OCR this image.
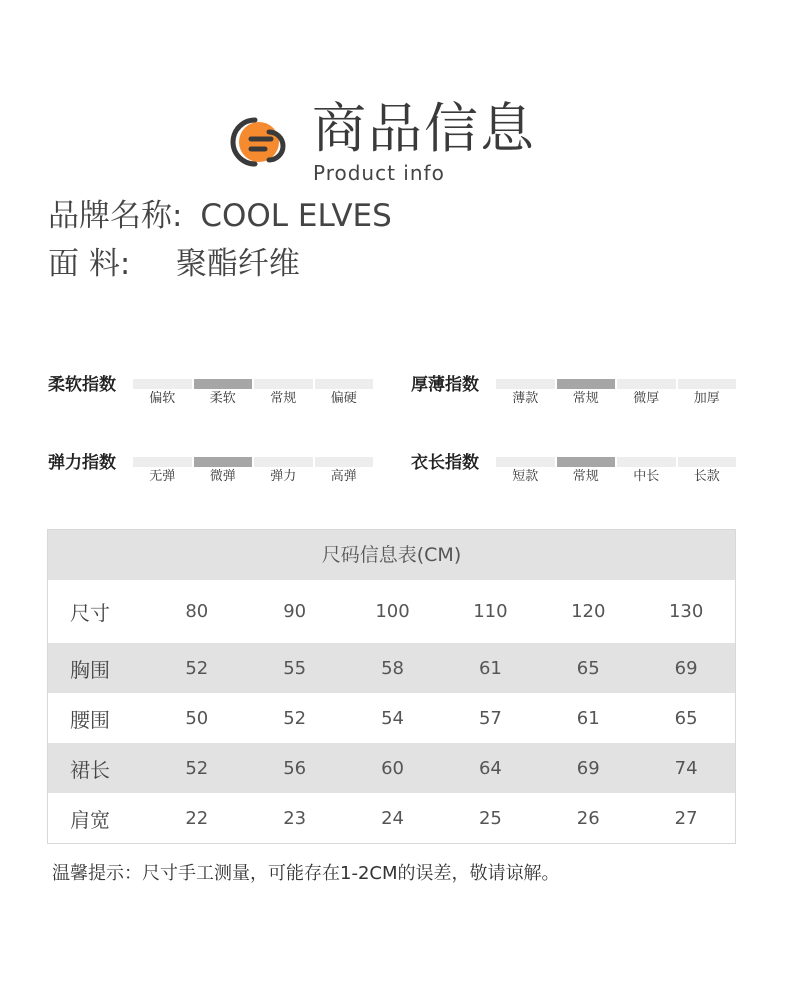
商品信息
Product info
品牌名称: COOL ELVES
面 料: 聚酯纤维
柔软指数
偏软	柔软	常规	偏硬
厚薄指数
薄款	常规	微厚	加厚
弹力指数
无弹	微弹	弹力	高弹
衣长指数
短款	常规	中长	长款
尺码信息表(CM)
尺寸	80	90	100	110	120	130
胸围	52	55	58	61	65	69
腰围	50	52	54	57	61	65
裙长	52	56	60	64	69	74
肩宽	22	23	24	25	26	27
温馨提示：尺寸手工测量，可能存在1-2CM的误差，敬请谅解。
